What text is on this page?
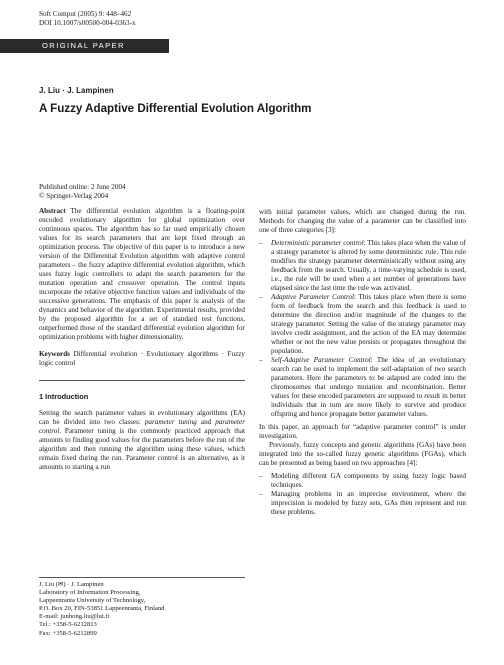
Soft Comput (2005) 9: 448–462
DOI 10.1007/s00500-004-0363-x
ORIGINAL PAPER
J. Liu · J. Lampinen
A Fuzzy Adaptive Differential Evolution Algorithm
Published online: 2 June 2004
© Springer-Verlag 2004

Abstract The differential evolution algorithm is a floating-point encoded evolutionary algorithm for global optimization over continuous spaces. The algorithm has so far used empirically chosen values for its search parameters that are kept fixed through an optimization process. The objective of this paper is to introduce a new version of the Differential Evolution algorithm with adaptive control parameters – the fuzzy adaptive differential evolution algorithm, which uses fuzzy logic controllers to adapt the search parameters for the mutation operation and crossover operation. The control inputs incorporate the relative objective function values and individuals of the successive generations. The emphasis of this paper is analysis of the dynamics and behavior of the algorithm. Experimental results, provided by the proposed algorithm for a set of standard test functions, outperformed those of the standard differential evolution algorithm for optimization problems with higher dimensionality.

Keywords Differential evolution · Evolutionary algorithms · Fuzzy logic control

1 Introduction

Setting the search parameter values in evolutionary algorithms (EA) can be divided into two classes: parameter tuning and parameter control. Parameter tuning is the commonly practiced approach that amounts to finding good values for the parameters before the run of the algorithm and then running the algorithm using these values, which remain fixed during the run. Parameter control is an alternative, as it amounts to starting a run

J. Liu (✉) · J. Lampinen
Laboratory of Information Processing,
Lappeenranta University of Technology,
P.O. Box 20, FIN-53851 Lappeenranta, Finland
E-mail: junhong.liu@lut.fi
Tel.: +358-5-6212813
Fax: +358-5-6212899

with initial parameter values, which are changed during the run. Methods for changing the value of a parameter can be classified into one of three categories [3]:

– Deterministic parameter control: This takes place when the value of a strategy parameter is altered by some deterministic rule. This rule modifies the strategy parameter deterministically without using any feedback from the search. Usually, a time-varying schedule is used, i.e., the rule will be used when a set number of generations have elapsed since the last time the rule was activated.
– Adaptive Parameter Control: This takes place when there is some form of feedback from the search and this feedback is used to determine the direction and/or magnitude of the changes to the strategy parameter. Setting the value of the strategy parameter may involve credit assignment, and the action of the EA may determine whether or not the new value persists or propagates throughout the population.
– Self-Adaptive Parameter Control: The idea of an evolutionary search can be used to implement the self-adaptation of two search parameters. Here the parameters to be adapted are coded into the chromosomes that undergo mutation and recombination. Better values for these encoded parameters are supposed to result in better individuals that in turn are more likely to survive and produce offspring and hence propagate better parameter values.

In this paper, an approach for “adaptive parameter control” is under investigation.

Previously, fuzzy concepts and genetic algorithms (GAs) have been integrated into the so-called fuzzy genetic algorithms (FGAs), which can be presented as being based on two approaches [4]:

– Modeling different GA components by using fuzzy logic based techniques.
– Managing problems in an imprecise environment, where the imprecision is modeled by fuzzy sets, GAs then represent and run these problems.
